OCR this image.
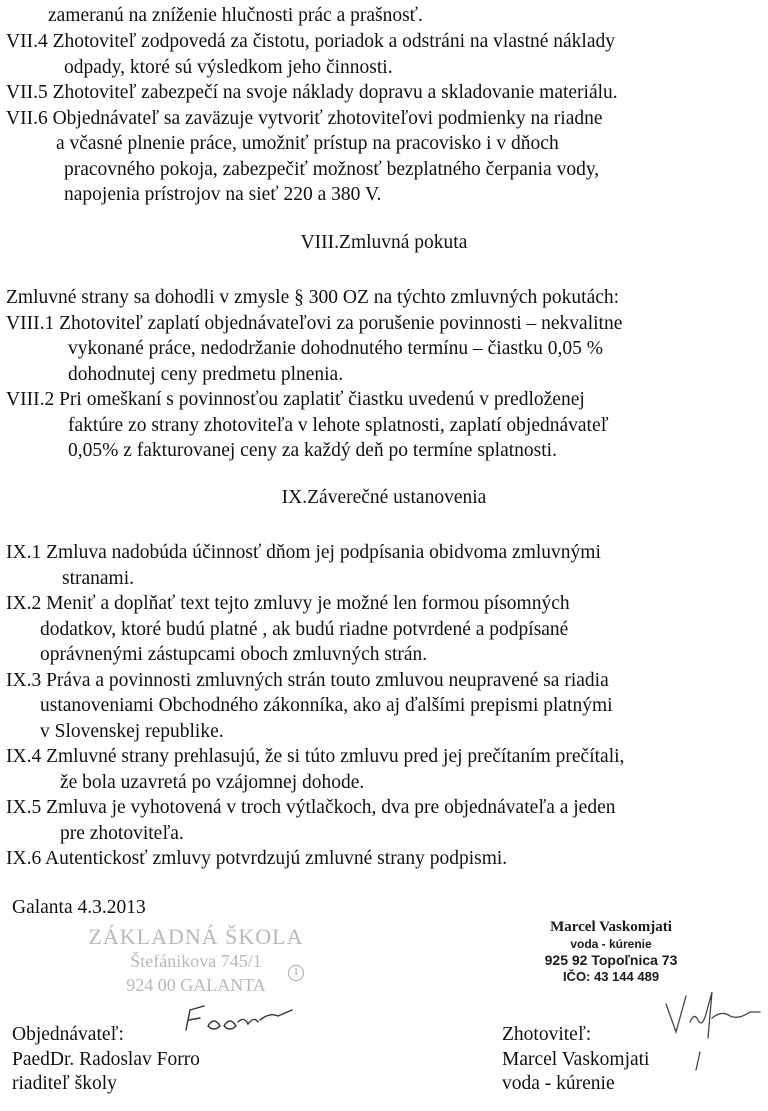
zameranú na zníženie hlučnosti prác a prašnosť.
VII.4 Zhotoviteľ zodpovedá za čistotu, poriadok a odstráni na vlastné náklady
odpady, ktoré sú výsledkom jeho činnosti.
VII.5 Zhotoviteľ zabezpečí na svoje náklady dopravu a skladovanie materiálu.
VII.6 Objednávateľ sa zaväzuje vytvoriť zhotoviteľovi podmienky na riadne
a včasné plnenie práce, umožniť prístup na pracovisko i v dňoch
pracovného pokoja, zabezpečiť možnosť bezplatného čerpania vody,
napojenia prístrojov na sieť 220 a 380 V.
VIII.Zmluvná pokuta
Zmluvné strany sa dohodli v zmysle § 300 OZ na týchto zmluvných pokutách:
VIII.1 Zhotoviteľ zaplatí objednávateľovi za porušenie povinnosti – nekvalitne
vykonané práce, nedodržanie dohodnutého termínu – čiastku 0,05 %
dohodnutej ceny predmetu plnenia.
VIII.2 Pri omeškaní s povinnosťou zaplatiť čiastku uvedenú v predloženej
faktúre zo strany zhotoviteľa v lehote splatnosti, zaplatí objednávateľ
0,05% z fakturovanej ceny za každý deň po termíne splatnosti.
IX.Záverečné ustanovenia
IX.1 Zmluva nadobúda účinnosť dňom jej podpísania obidvoma zmluvnými
stranami.
IX.2 Meniť a doplňať text tejto zmluvy je možné len formou písomných
dodatkov, ktoré budú platné , ak budú riadne potvrdené a podpísané
oprávnenými zástupcami oboch zmluvných strán.
IX.3 Práva a povinnosti zmluvných strán touto zmluvou neupravené sa riadia
ustanoveniami Obchodného zákonníka, ako aj ďalšími prepismi platnými
v Slovenskej republike.
IX.4 Zmluvné strany prehlasujú, že si túto zmluvu pred jej prečítaním prečítali,
že bola uzavretá po vzájomnej dohode.
IX.5 Zmluva je vyhotovená v troch výtlačkoch, dva pre objednávateľa a jeden
pre zhotoviteľa.
IX.6 Autentickosť zmluvy potvrdzujú zmluvné strany podpismi.
Galanta 4.3.2013
ZÁKLADNÁ ŠKOLA
Štefánikova 745/1
924 00 GALANTA
1
Marcel Vaskomjati
voda - kúrenie
925 92 Topoľnica 73
IČO: 43 144 489
Objednávateľ:
PaedDr. Radoslav Forro
riaditeľ školy
Zhotoviteľ:
Marcel Vaskomjati
voda - kúrenie
